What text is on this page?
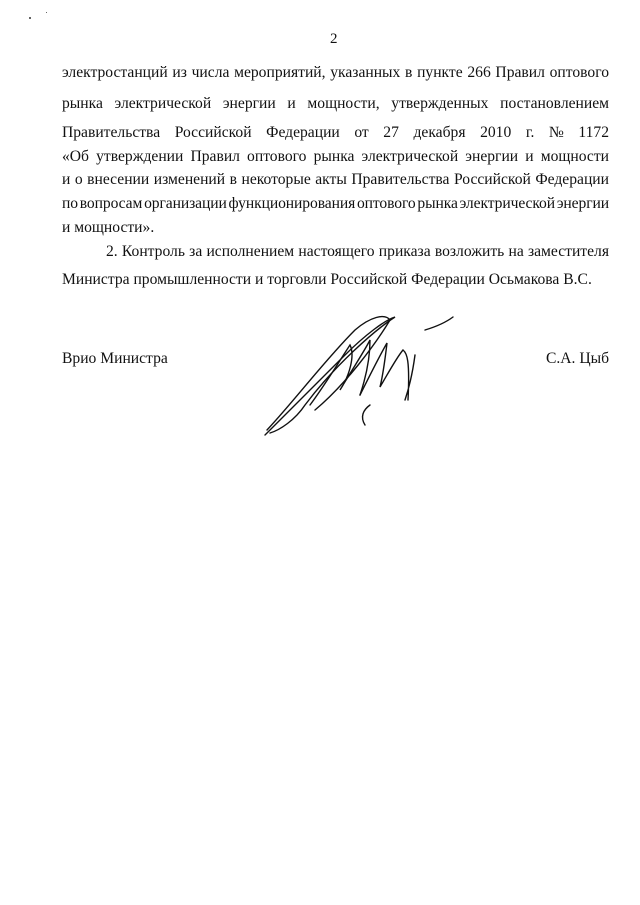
2
электростанций из числа мероприятий, указанных в пункте 266 Правил оптового
рынка электрической энергии и мощности, утвержденных постановлением
Правительства Российской Федерации от 27 декабря 2010 г. № 1172
«Об утверждении Правил оптового рынка электрической энергии и мощности
и о внесении изменений в некоторые акты Правительства Российской Федерации
по вопросам организации функционирования оптового рынка электрической энергии
и мощности».
2. Контроль за исполнением настоящего приказа возложить на заместителя
Министра промышленности и торговли Российской Федерации Осьмакова В.С.
Врио Министра	С.А. Цыб
